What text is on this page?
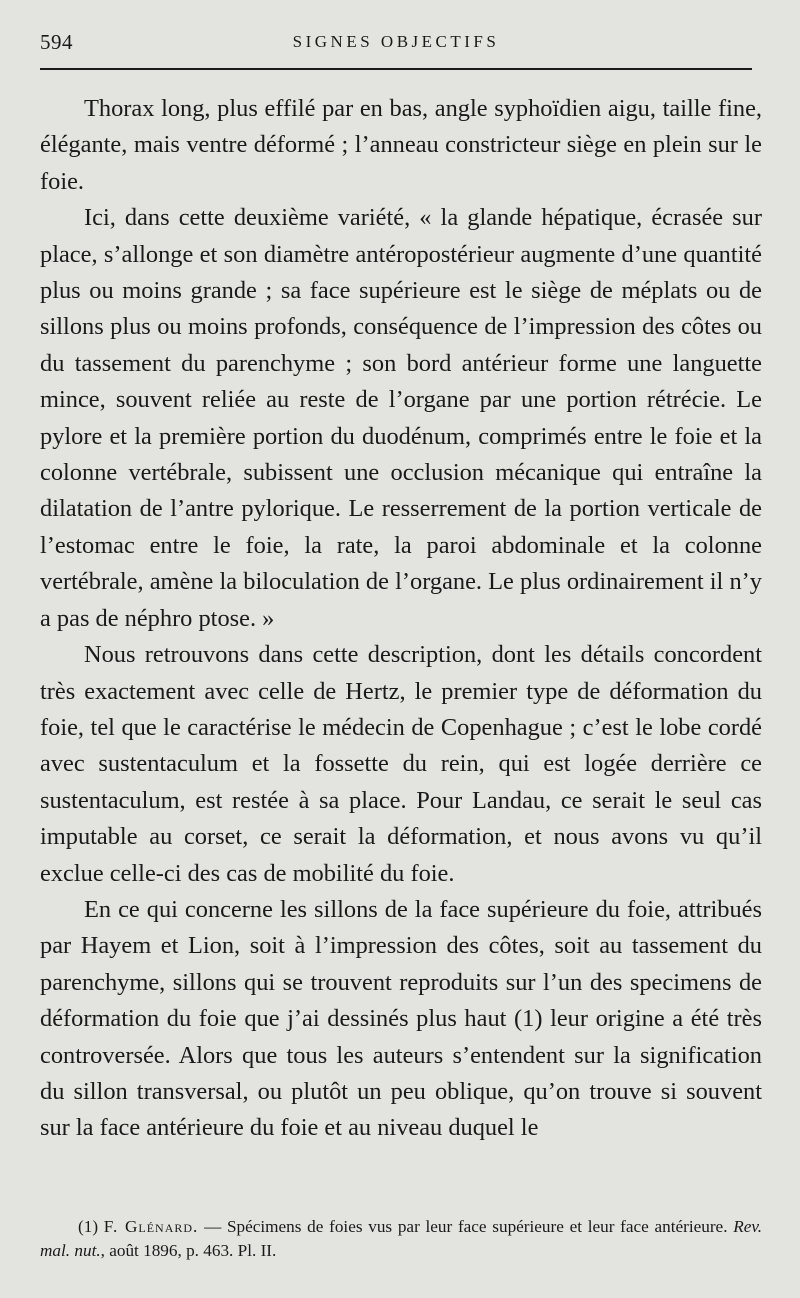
594	SIGNES OBJECTIFS

Thorax long, plus effilé par en bas, angle syphoïdien aigu, taille fine, élégante, mais ventre déformé ; l’anneau constricteur siège en plein sur le foie.

Ici, dans cette deuxième variété, « la glande hépatique, écrasée sur place, s’allonge et son diamètre antéropostérieur augmente d’une quantité plus ou moins grande ; sa face supérieure est le siège de méplats ou de sillons plus ou moins profonds, conséquence de l’impression des côtes ou du tassement du parenchyme ; son bord antérieur forme une languette mince, souvent reliée au reste de l’organe par une portion rétrécie. Le pylore et la première portion du duodénum, comprimés entre le foie et la colonne vertébrale, subissent une occlusion mécanique qui entraîne la dilatation de l’antre pylorique. Le resserrement de la portion verticale de l’estomac entre le foie, la rate, la paroi abdominale et la colonne vertébrale, amène la biloculation de l’organe. Le plus ordinairement il n’y a pas de néphro ptose. »

Nous retrouvons dans cette description, dont les détails concordent très exactement avec celle de Hertz, le premier type de déformation du foie, tel que le caractérise le médecin de Copenhague ; c’est le lobe cordé avec sustentaculum et la fossette du rein, qui est logée derrière ce sustentaculum, est restée à sa place. Pour Landau, ce serait le seul cas imputable au corset, ce serait la déformation, et nous avons vu qu’il exclue celle-ci des cas de mobilité du foie.

En ce qui concerne les sillons de la face supérieure du foie, attribués par Hayem et Lion, soit à l’impression des côtes, soit au tassement du parenchyme, sillons qui se trouvent reproduits sur l’un des specimens de déformation du foie que j’ai dessinés plus haut (1) leur origine a été très controversée. Alors que tous les auteurs s’entendent sur la signification du sillon transversal, ou plutôt un peu oblique, qu’on trouve si souvent sur la face antérieure du foie et au niveau duquel le

(1) F. Glénard. — Spécimens de foies vus par leur face supérieure et leur face antérieure. Rev. mal. nut., août 1896, p. 463. Pl. II.
